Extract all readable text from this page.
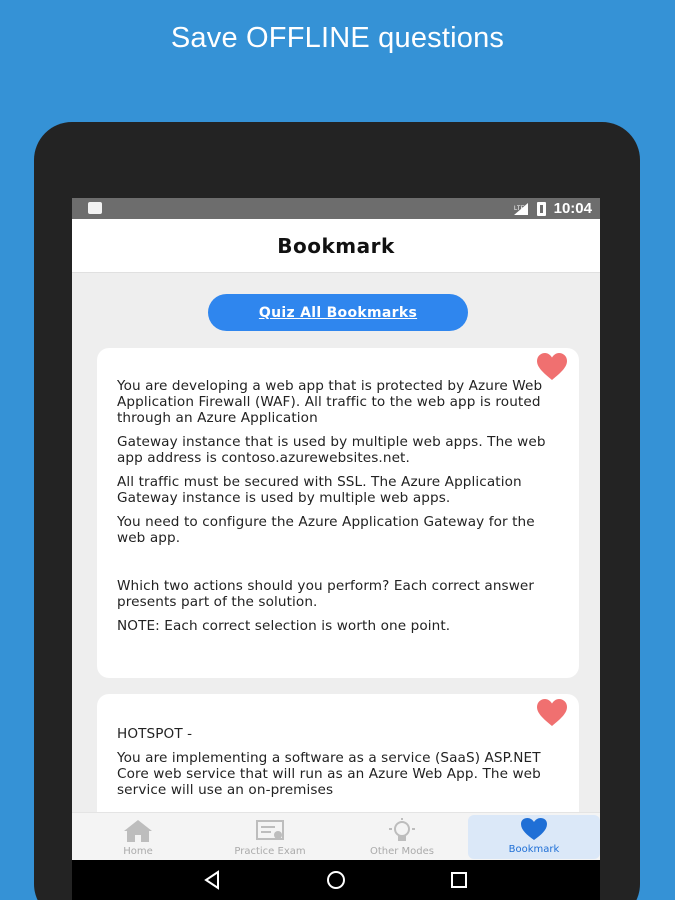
Save OFFLINE questions
LTE 10:04
Bookmark
Quiz All Bookmarks

You are developing a web app that is protected by Azure Web Application Firewall (WAF). All traffic to the web app is routed through an Azure Application

Gateway instance that is used by multiple web apps. The web app address is contoso.azurewebsites.net.

All traffic must be secured with SSL. The Azure Application Gateway instance is used by multiple web apps.

You need to configure the Azure Application Gateway for the web app.

Which two actions should you perform? Each correct answer presents part of the solution.

NOTE: Each correct selection is worth one point.

HOTSPOT -

You are implementing a software as a service (SaaS) ASP.NET Core web service that will run as an Azure Web App. The web service will use an on-premises

Home	Practice Exam	Other Modes	Bookmark
